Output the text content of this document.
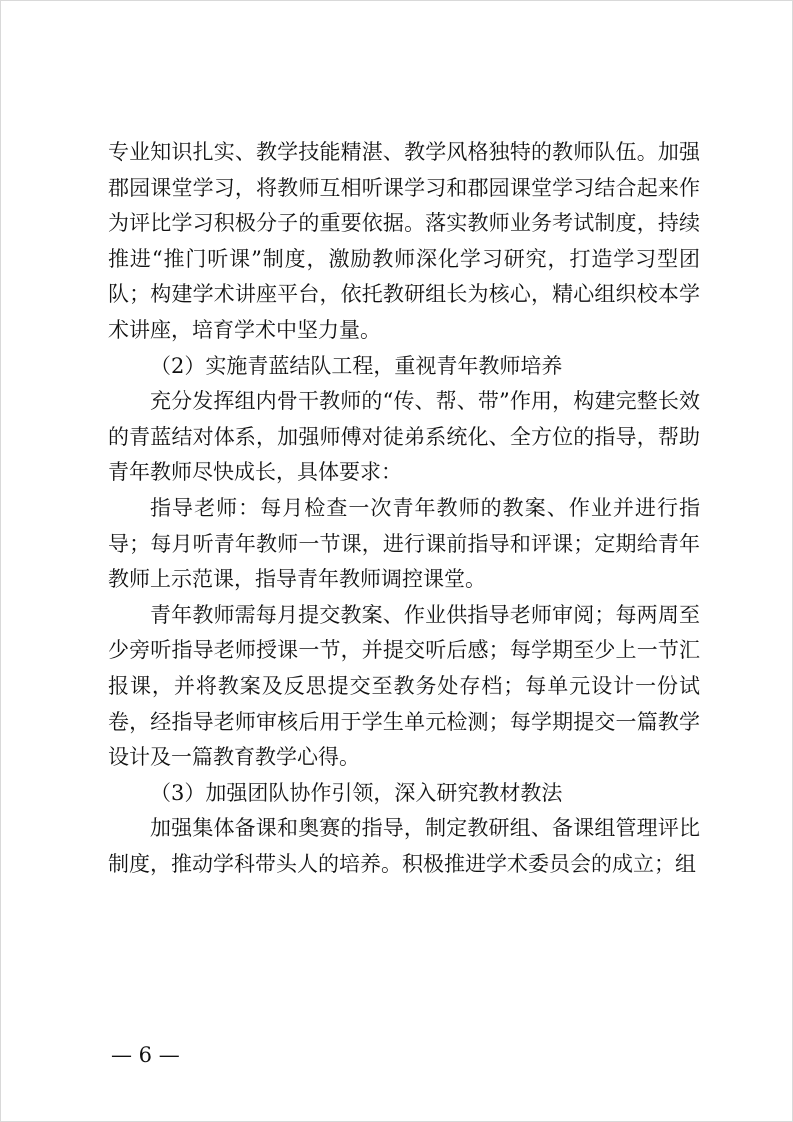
专业知识扎实、教学技能精湛、教学风格独特的教师队伍。加强郡园课堂学习，将教师互相听课学习和郡园课堂学习结合起来作为评比学习积极分子的重要依据。落实教师业务考试制度，持续推进“推门听课”制度，激励教师深化学习研究，打造学习型团队；构建学术讲座平台，依托教研组长为核心，精心组织校本学术讲座，培育学术中坚力量。

（2）实施青蓝结队工程，重视青年教师培养

充分发挥组内骨干教师的“传、帮、带”作用，构建完整长效的青蓝结对体系，加强师傅对徒弟系统化、全方位的指导，帮助青年教师尽快成长，具体要求：

指导老师：每月检查一次青年教师的教案、作业并进行指导；每月听青年教师一节课，进行课前指导和评课；定期给青年教师上示范课，指导青年教师调控课堂。

青年教师需每月提交教案、作业供指导老师审阅；每两周至少旁听指导老师授课一节，并提交听后感；每学期至少上一节汇报课，并将教案及反思提交至教务处存档；每单元设计一份试卷，经指导老师审核后用于学生单元检测；每学期提交一篇教学设计及一篇教育教学心得。

（3）加强团队协作引领，深入研究教材教法

加强集体备课和奥赛的指导，制定教研组、备课组管理评比制度，推动学科带头人的培养。积极推进学术委员会的成立；组

— 6 —
